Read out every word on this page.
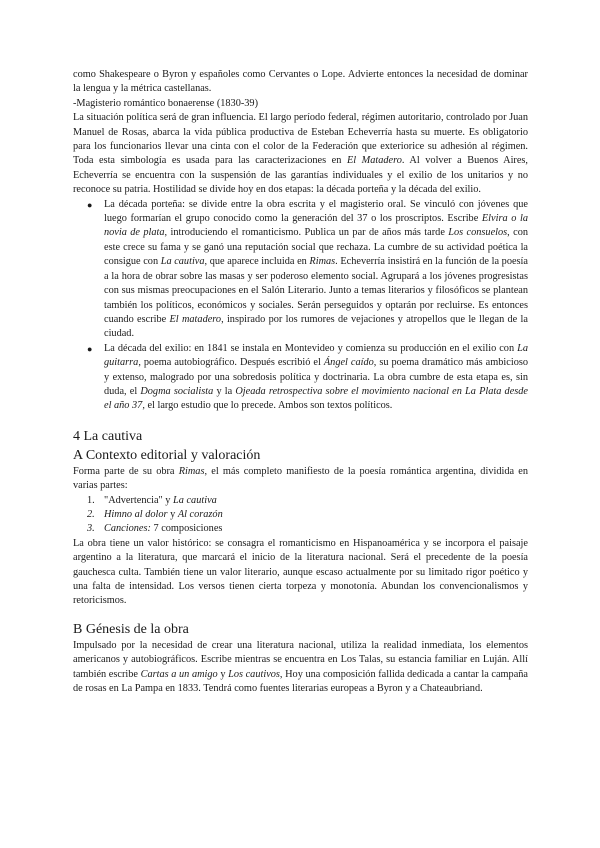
como Shakespeare o Byron y españoles como Cervantes o Lope. Advierte entonces la necesidad de dominar la lengua y la métrica castellanas.

-Magisterio romántico bonaerense (1830-39)

La situación política será de gran influencia. El largo período federal, régimen autoritario, controlado por Juan Manuel de Rosas, abarca la vida pública productiva de Esteban Echeverría hasta su muerte. Es obligatorio para los funcionarios llevar una cinta con el color de la Federación que exteriorice su adhesión al régimen. Toda esta simbología es usada para las caracterizaciones en El Matadero. Al volver a Buenos Aires, Echeverría se encuentra con la suspensión de las garantías individuales y el exilio de los unitarios y no reconoce su patria. Hostilidad se divide hoy en dos etapas: la década porteña y la década del exilio.

● La década porteña: se divide entre la obra escrita y el magisterio oral. Se vinculó con jóvenes que luego formarían el grupo conocido como la generación del 37 o los proscriptos. Escribe Elvira o la novia de plata, introduciendo el romanticismo. Publica un par de años más tarde Los consuelos, con este crece su fama y se ganó una reputación social que rechaza. La cumbre de su actividad poética la consigue con La cautiva, que aparece incluida en Rimas. Echeverría insistirá en la función de la poesía a la hora de obrar sobre las masas y ser poderoso elemento social. Agrupará a los jóvenes progresistas con sus mismas preocupaciones en el Salón Literario. Junto a temas literarios y filosóficos se plantean también los políticos, económicos y sociales. Serán perseguidos y optarán por recluirse. Es entonces cuando escribe El matadero, inspirado por los rumores de vejaciones y atropellos que le llegan de la ciudad.
● La década del exilio: en 1841 se instala en Montevideo y comienza su producción en el exilio con La guitarra, poema autobiográfico. Después escribió el Ángel caído, su poema dramático más ambicioso y extenso, malogrado por una sobredosis política y doctrinaria. La obra cumbre de esta etapa es, sin duda, el Dogma socialista y la Ojeada retrospectiva sobre el movimiento nacional en La Plata desde el año 37, el largo estudio que lo precede. Ambos son textos políticos.
4 La cautiva
A Contexto editorial y valoración

Forma parte de su obra Rimas, el más completo manifiesto de la poesía romántica argentina, dividida en varias partes:

1. "Advertencia" y La cautiva
2. Himno al dolor y Al corazón
3. Canciones: 7 composiciones

La obra tiene un valor histórico: se consagra el romanticismo en Hispanoamérica y se incorpora el paisaje argentino a la literatura, que marcará el inicio de la literatura nacional. Será el precedente de la poesía gauchesca culta. También tiene un valor literario, aunque escaso actualmente por su limitado rigor poético y una falta de intensidad. Los versos tienen cierta torpeza y monotonía. Abundan los convencionalismos y retoricismos.

B Génesis de la obra

Impulsado por la necesidad de crear una literatura nacional, utiliza la realidad inmediata, los elementos americanos y autobiográficos. Escribe mientras se encuentra en Los Talas, su estancia familiar en Luján. Allí también escribe Cartas a un amigo y Los cautivos, Hoy una composición fallida dedicada a cantar la campaña de rosas en La Pampa en 1833. Tendrá como fuentes literarias europeas a Byron y a Chateaubriand.
